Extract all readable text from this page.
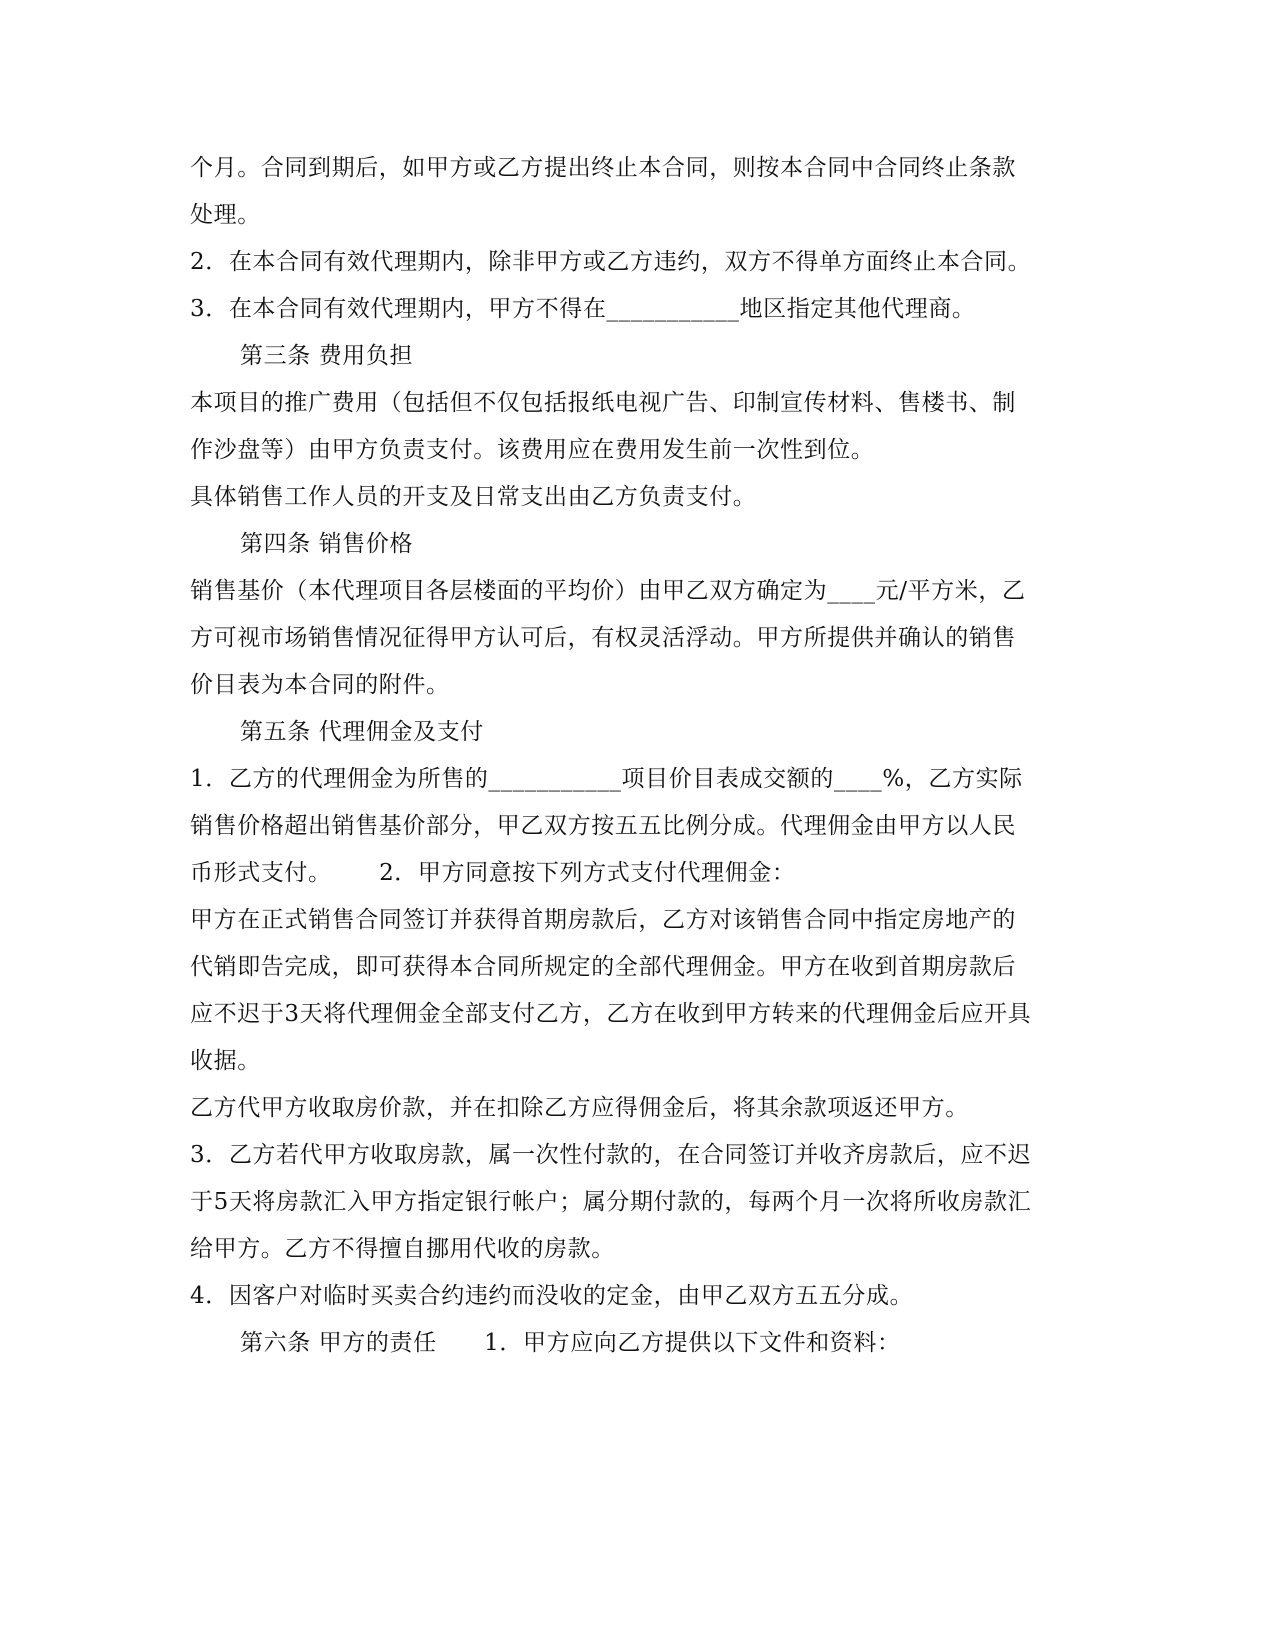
个月。合同到期后，如甲方或乙方提出终止本合同，则按本合同中合同终止条款
处理。
2．在本合同有效代理期内，除非甲方或乙方违约，双方不得单方面终止本合同。
3．在本合同有效代理期内，甲方不得在___________地区指定其他代理商。
第三条 费用负担
本项目的推广费用（包括但不仅包括报纸电视广告、印制宣传材料、售楼书、制
作沙盘等）由甲方负责支付。该费用应在费用发生前一次性到位。
具体销售工作人员的开支及日常支出由乙方负责支付。
第四条 销售价格
销售基价（本代理项目各层楼面的平均价）由甲乙双方确定为____元/平方米，乙
方可视市场销售情况征得甲方认可后，有权灵活浮动。甲方所提供并确认的销售
价目表为本合同的附件。
第五条 代理佣金及支付
1．乙方的代理佣金为所售的___________项目价目表成交额的____%，乙方实际
销售价格超出销售基价部分，甲乙双方按五五比例分成。代理佣金由甲方以人民
币形式支付。      2．甲方同意按下列方式支付代理佣金：
甲方在正式销售合同签订并获得首期房款后，乙方对该销售合同中指定房地产的
代销即告完成，即可获得本合同所规定的全部代理佣金。甲方在收到首期房款后
应不迟于3天将代理佣金全部支付乙方，乙方在收到甲方转来的代理佣金后应开具
收据。
乙方代甲方收取房价款，并在扣除乙方应得佣金后，将其余款项返还甲方。
3．乙方若代甲方收取房款，属一次性付款的，在合同签订并收齐房款后，应不迟
于5天将房款汇入甲方指定银行帐户；属分期付款的，每两个月一次将所收房款汇
给甲方。乙方不得擅自挪用代收的房款。
4．因客户对临时买卖合约违约而没收的定金，由甲乙双方五五分成。
第六条 甲方的责任      1．甲方应向乙方提供以下文件和资料：
